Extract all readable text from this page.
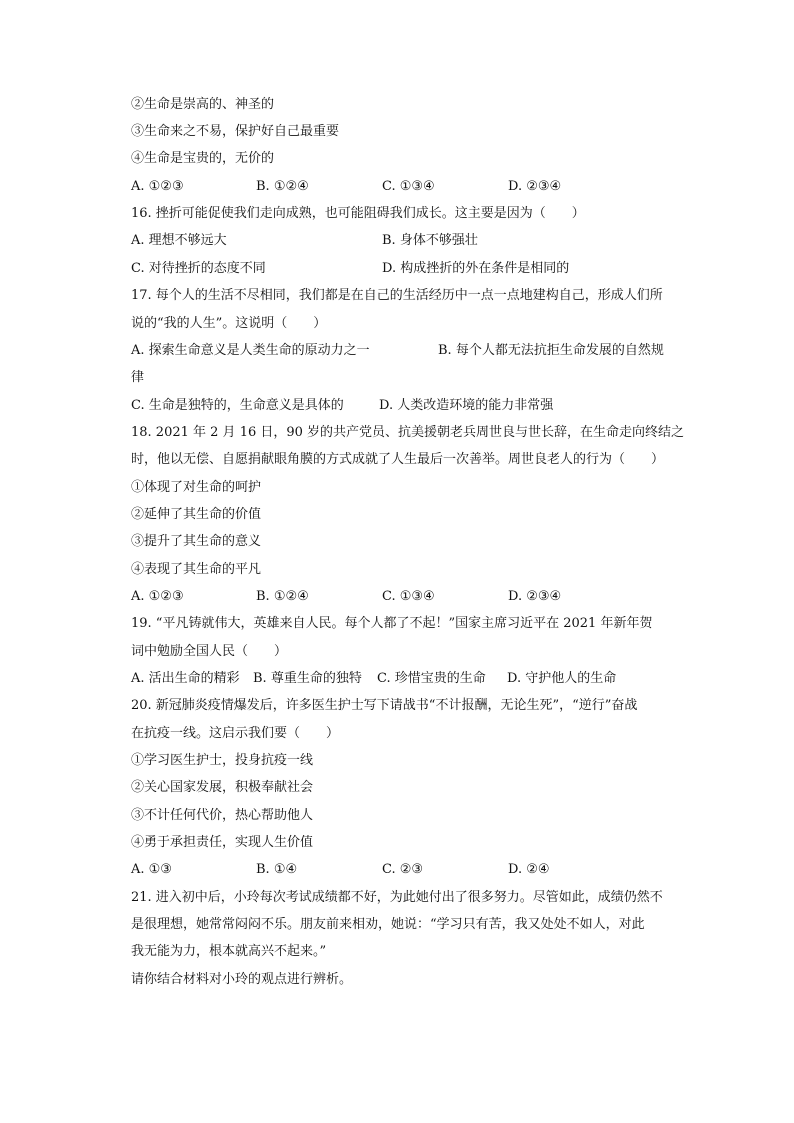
②生命是崇高的、神圣的
③生命来之不易，保护好自己最重要
④生命是宝贵的，无价的
A. ①②③	B. ①②④	C. ①③④	D. ②③④
16. 挫折可能促使我们走向成熟，也可能阻碍我们成长。这主要是因为（　　）
A. 理想不够远大	B. 身体不够强壮
C. 对待挫折的态度不同	D. 构成挫折的外在条件是相同的
17. 每个人的生活不尽相同，我们都是在自己的生活经历中一点一点地建构自己，形成人们所
说的“我的人生”。这说明（　　）
A. 探索生命意义是人类生命的原动力之一	B. 每个人都无法抗拒生命发展的自然规
律
C. 生命是独特的，生命意义是具体的	D. 人类改造环境的能力非常强
18. 2021 年 2 月 16 日，90 岁的共产党员、抗美援朝老兵周世良与世长辞，在生命走向终结之
时，他以无偿、自愿捐献眼角膜的方式成就了人生最后一次善举。周世良老人的行为（　　）
①体现了对生命的呵护
②延伸了其生命的价值
③提升了其生命的意义
④表现了其生命的平凡
A. ①②③	B. ①②④	C. ①③④	D. ②③④
19. “平凡铸就伟大，英雄来自人民。每个人都了不起！”国家主席习近平在 2021 年新年贺
词中勉励全国人民（　　）
A. 活出生命的精彩 B. 尊重生命的独特 C. 珍惜宝贵的生命 D. 守护他人的生命
20. 新冠肺炎疫情爆发后，许多医生护士写下请战书“不计报酬，无论生死”，“逆行”奋战
在抗疫一线。这启示我们要（　　）
①学习医生护士，投身抗疫一线
②关心国家发展，积极奉献社会
③不计任何代价，热心帮助他人
④勇于承担责任，实现人生价值
A. ①③	B. ①④	C. ②③	D. ②④
21. 进入初中后，小玲每次考试成绩都不好，为此她付出了很多努力。尽管如此，成绩仍然不
是很理想，她常常闷闷不乐。朋友前来相劝，她说：“学习只有苦，我又处处不如人，对此
我无能为力，根本就高兴不起来。”
请你结合材料对小玲的观点进行辨析。
